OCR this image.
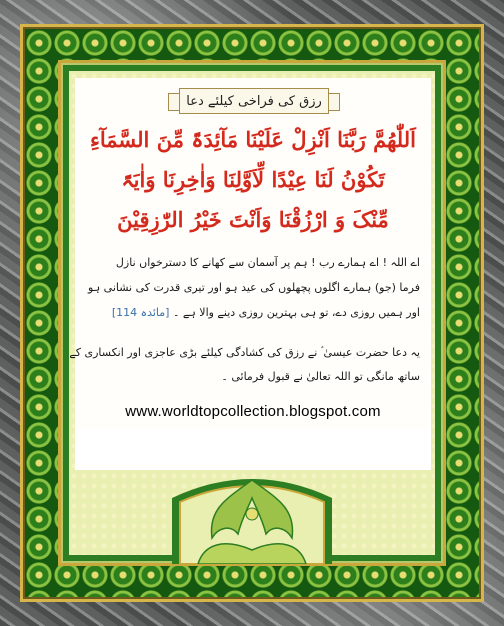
رزق کی فراخی کیلئے دعا
اَللّٰھُمَّ رَبَّنَا اَنْزِلْ عَلَیْنَا مَآئِدَۃً مِّنَ السَّمَآءِ
تَکُوْنُ لَنَا عِیْدًا لِّاَوَّلِنَا وَاٰخِرِنَا وَاٰیَۃً
مِّنْکَ وَ ارْزُقْنَا وَاَنْتَ خَیْرُ الرّٰزِقِیْنَ
اے اللہ ! اے ہمارے رب ! ہم پر آسمان سے کھانے کا دسترخواں نازل
فرما (جو) ہمارے اگلوں پچھلوں کی عید ہو اور تیری قدرت کی نشانی ہو
اور ہمیں روزی دے، تو ہی بہترین روزی دینے والا ہے ۔ [مائدہ 114]
یہ دعا حضرت عیسیٰ ؑ نے رزق کی کشادگی کیلئے بڑی عاجزی اور انکساری کے
ساتھ مانگی تو اللہ تعالیٰ نے قبول فرمائی ۔
www.worldtopcollection.blogspot.com
